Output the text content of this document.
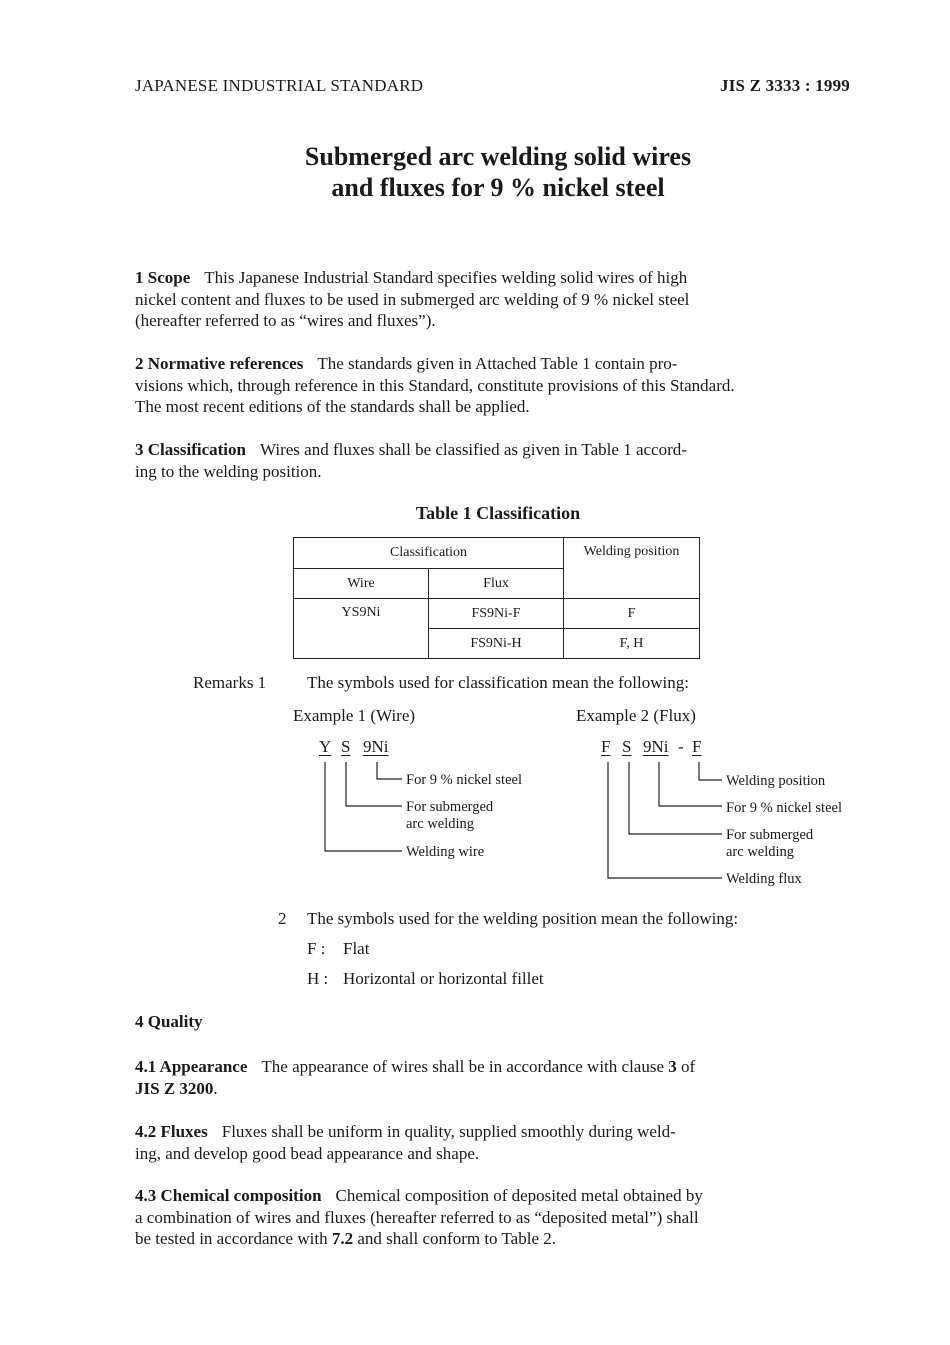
JAPANESE INDUSTRIAL STANDARD	JIS Z 3333 : 1999
Submerged arc welding solid wires
and fluxes for 9 % nickel steel
1 Scope This Japanese Industrial Standard specifies welding solid wires of high
nickel content and fluxes to be used in submerged arc welding of 9 % nickel steel
(hereafter referred to as “wires and fluxes”).
2 Normative references The standards given in Attached Table 1 contain pro-
visions which, through reference in this Standard, constitute provisions of this Standard.
The most recent editions of the standards shall be applied.
3 Classification Wires and fluxes shall be classified as given in Table 1 accord-
ing to the welding position.
Table 1 Classification
Classification		Welding position
Wire	Flux	
YS9Ni	FS9Ni-F	F
	FS9Ni-H	F, H
Remarks 1 The symbols used for classification mean the following:
Example 1 (Wire)	Example 2 (Flux)
Y S 9Ni	F S 9Ni - F
For 9 % nickel steel
For submerged
arc welding
Welding wire
Welding position
For 9 % nickel steel
For submerged
arc welding
Welding flux
2 The symbols used for the welding position mean the following:
F : Flat
H : Horizontal or horizontal fillet
4 Quality
4.1 Appearance The appearance of wires shall be in accordance with clause 3 of
JIS Z 3200.
4.2 Fluxes Fluxes shall be uniform in quality, supplied smoothly during weld-
ing, and develop good bead appearance and shape.
4.3 Chemical composition Chemical composition of deposited metal obtained by
a combination of wires and fluxes (hereafter referred to as “deposited metal”) shall
be tested in accordance with 7.2 and shall conform to Table 2.
